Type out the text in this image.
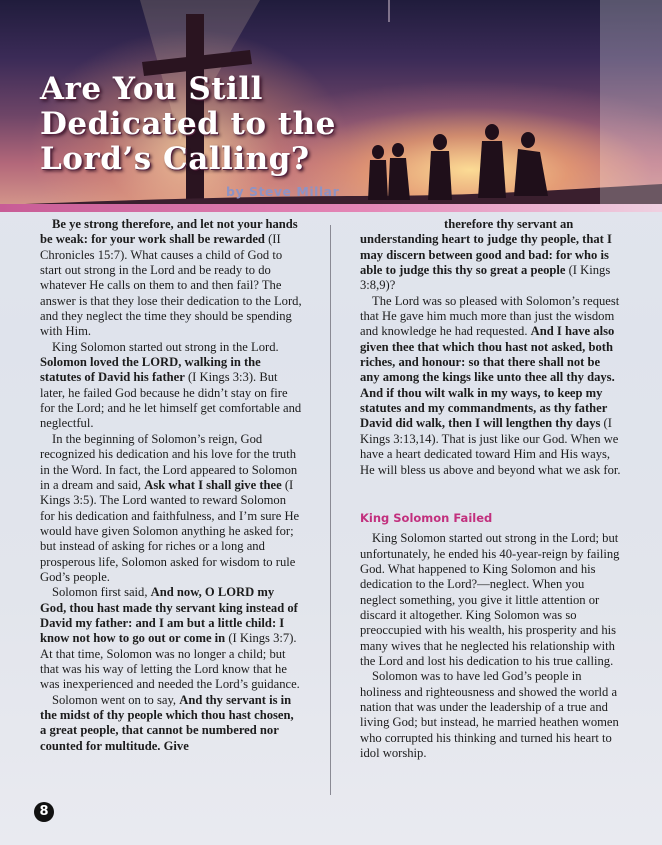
Are You Still
Dedicated to the
Lord’s Calling?
by Steve Millar

Be ye strong therefore, and let not your hands be weak: for your work shall be rewarded (II Chronicles 15:7). What causes a child of God to start out strong in the Lord and be ready to do whatever He calls on them to and then fail? The answer is that they lose their dedication to the Lord, and they neglect the time they should be spending with Him.

King Solomon started out strong in the Lord. Solomon loved the LORD, walking in the statutes of David his father (I Kings 3:3). But later, he failed God because he didn’t stay on fire for the Lord; and he let himself get comfortable and neglectful.

In the beginning of Solomon’s reign, God recognized his dedication and his love for the truth in the Word. In fact, the Lord appeared to Solomon in a dream and said, Ask what I shall give thee (I Kings 3:5). The Lord wanted to reward Solomon for his dedication and faithfulness, and I’m sure He would have given Solomon anything he asked for; but instead of asking for riches or a long and prosperous life, Solomon asked for wisdom to rule God’s people.

Solomon first said, And now, O LORD my God, thou hast made thy servant king instead of David my father: and I am but a little child: I know not how to go out or come in (I Kings 3:7). At that time, Solomon was no longer a child; but that was his way of letting the Lord know that he was inexperienced and needed the Lord’s guidance.

Solomon went on to say, And thy servant is in the midst of thy people which thou hast chosen, a great people, that cannot be numbered nor counted for multitude. Give

therefore thy servant an understanding heart to judge thy people, that I may discern between good and bad: for who is able to judge this thy so great a people (I Kings 3:8,9)?

The Lord was so pleased with Solomon’s request that He gave him much more than just the wisdom and knowledge he had requested. And I have also given thee that which thou hast not asked, both riches, and honour: so that there shall not be any among the kings like unto thee all thy days. And if thou wilt walk in my ways, to keep my statutes and my commandments, as thy father David did walk, then I will lengthen thy days (I Kings 3:13,14). That is just like our God. When we have a heart dedicated toward Him and His ways, He will bless us above and beyond what we ask for.

King Solomon Failed

King Solomon started out strong in the Lord; but unfortunately, he ended his 40-year-reign by failing God. What happened to King Solomon and his dedication to the Lord?—neglect. When you neglect something, you give it little attention or discard it altogether. King Solomon was so preoccupied with his wealth, his prosperity and his many wives that he neglected his relationship with the Lord and lost his dedication to his true calling.

Solomon was to have led God’s people in holiness and righteousness and showed the world a nation that was under the leadership of a true and living God; but instead, he married heathen women who corrupted his thinking and turned his heart to idol worship.

8
